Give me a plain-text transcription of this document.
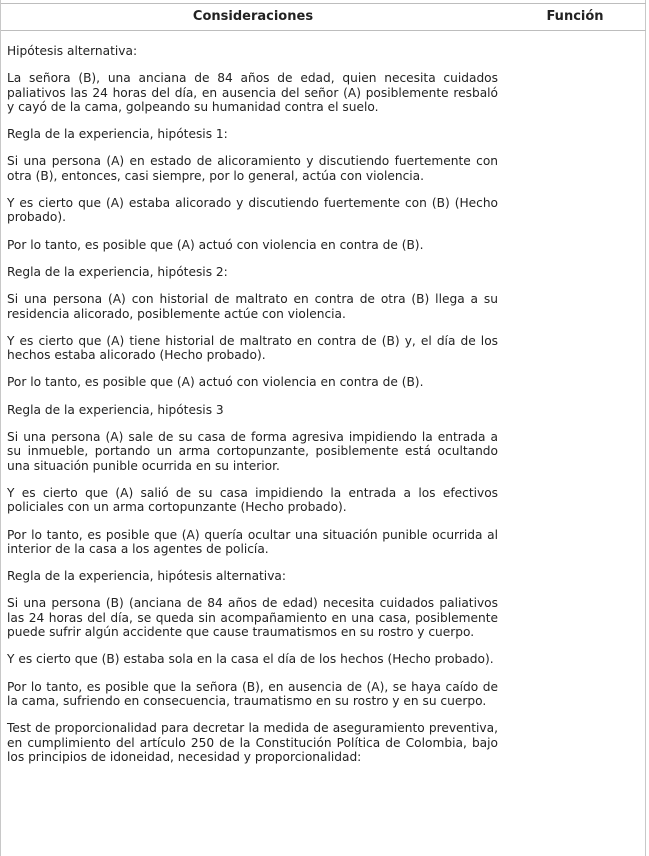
Consideraciones	Función

Hipótesis alternativa:

La señora (B), una anciana de 84 años de edad, quien necesita cuidados paliativos las 24 horas del día, en ausencia del señor (A) posiblemente resbaló y cayó de la cama, golpeando su humanidad contra el suelo.

Regla de la experiencia, hipótesis 1:

Si una persona (A) en estado de alicoramiento y discutiendo fuertemente con otra (B), entonces, casi siempre, por lo general, actúa con violencia.

Y es cierto que (A) estaba alicorado y discutiendo fuertemente con (B) (Hecho probado).

Por lo tanto, es posible que (A) actuó con violencia en contra de (B).

Regla de la experiencia, hipótesis 2:

Si una persona (A) con historial de maltrato en contra de otra (B) llega a su residencia alicorado, posiblemente actúe con violencia.

Y es cierto que (A) tiene historial de maltrato en contra de (B) y, el día de los hechos estaba alicorado (Hecho probado).

Por lo tanto, es posible que (A) actuó con violencia en contra de (B).

Regla de la experiencia, hipótesis 3

Si una persona (A) sale de su casa de forma agresiva impidiendo la entrada a su inmueble, portando un arma cortopunzante, posiblemente está ocultando una situación punible ocurrida en su interior.

Y es cierto que (A) salió de su casa impidiendo la entrada a los efectivos policiales con un arma cortopunzante (Hecho probado).

Por lo tanto, es posible que (A) quería ocultar una situación punible ocurrida al interior de la casa a los agentes de policía.

Regla de la experiencia, hipótesis alternativa:

Si una persona (B) (anciana de 84 años de edad) necesita cuidados paliativos las 24 horas del día, se queda sin acompañamiento en una casa, posiblemente puede sufrir algún accidente que cause traumatismos en su rostro y cuerpo.

Y es cierto que (B) estaba sola en la casa el día de los hechos (Hecho probado).

Por lo tanto, es posible que la señora (B), en ausencia de (A), se haya caído de la cama, sufriendo en consecuencia, traumatismo en su rostro y en su cuerpo.

Test de proporcionalidad para decretar la medida de aseguramiento preventiva, en cumplimiento del artículo 250 de la Constitución Política de Colombia, bajo los principios de idoneidad, necesidad y proporcionalidad:
